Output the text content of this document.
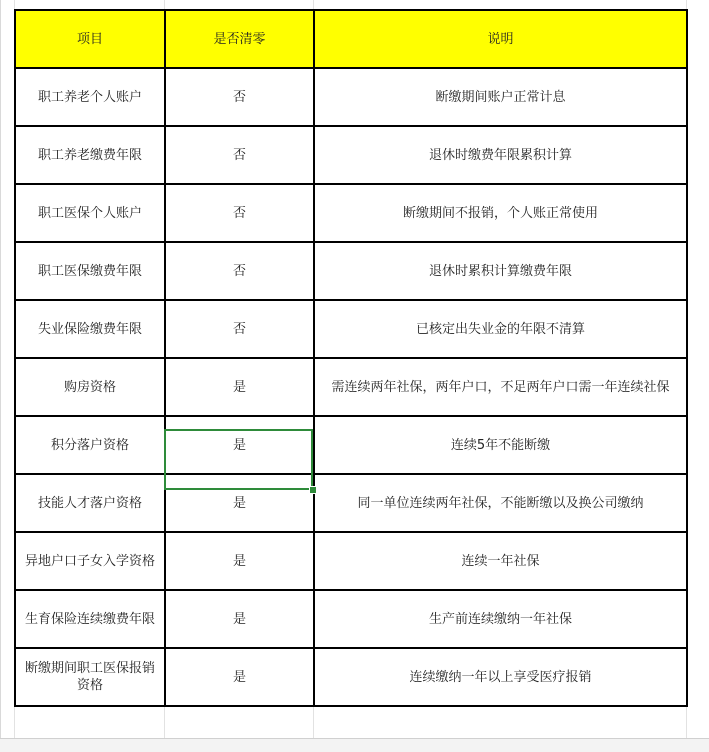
项目	是否清零	说明
职工养老个人账户	否	断缴期间账户正常计息
职工养老缴费年限	否	退休时缴费年限累积计算
职工医保个人账户	否	断缴期间不报销，个人账正常使用
职工医保缴费年限	否	退休时累积计算缴费年限
失业保险缴费年限	否	已核定出失业金的年限不清算
购房资格	是	需连续两年社保，两年户口，不足两年户口需一年连续社保
积分落户资格	是	连续5年不能断缴
技能人才落户资格	是	同一单位连续两年社保，不能断缴以及换公司缴纳
异地户口子女入学资格	是	连续一年社保
生育保险连续缴费年限	是	生产前连续缴纳一年社保
断缴期间职工医保报销资格	是	连续缴纳一年以上享受医疗报销
